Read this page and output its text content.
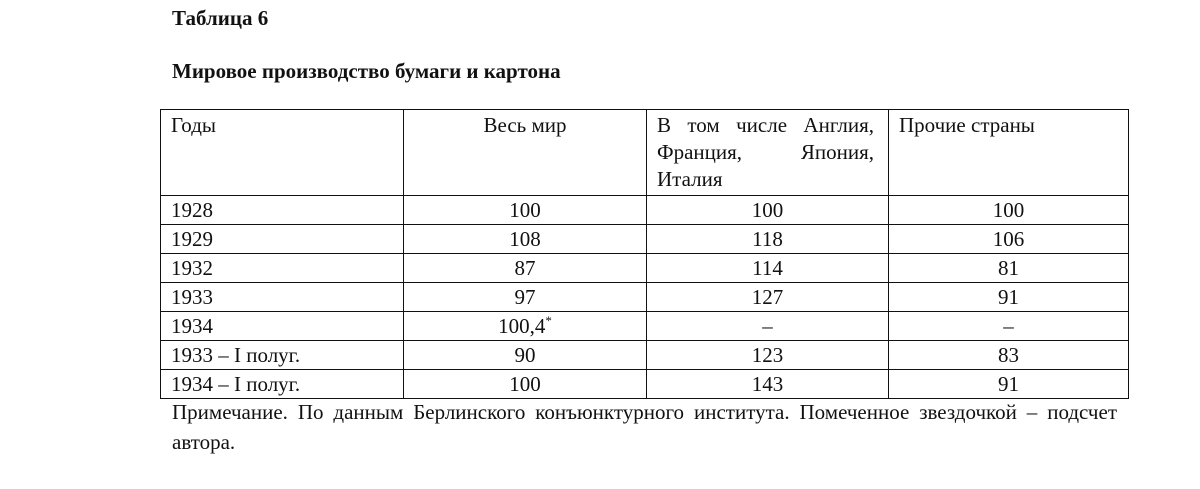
Таблица 6

Мировое производство бумаги и картона

Годы	Весь мир	В том числе Англия, Франция, Япония, Италия	Прочие страны
1928	100	100	100
1929	108	118	106
1932	87	114	81
1933	97	127	91
1934	100,4*	–	–
1933 – I полуг.	90	123	83
1934 – I полуг.	100	143	91

Примечание. По данным Берлинского конъюнктурного института. Помеченное звездочкой – подсчет автора.
